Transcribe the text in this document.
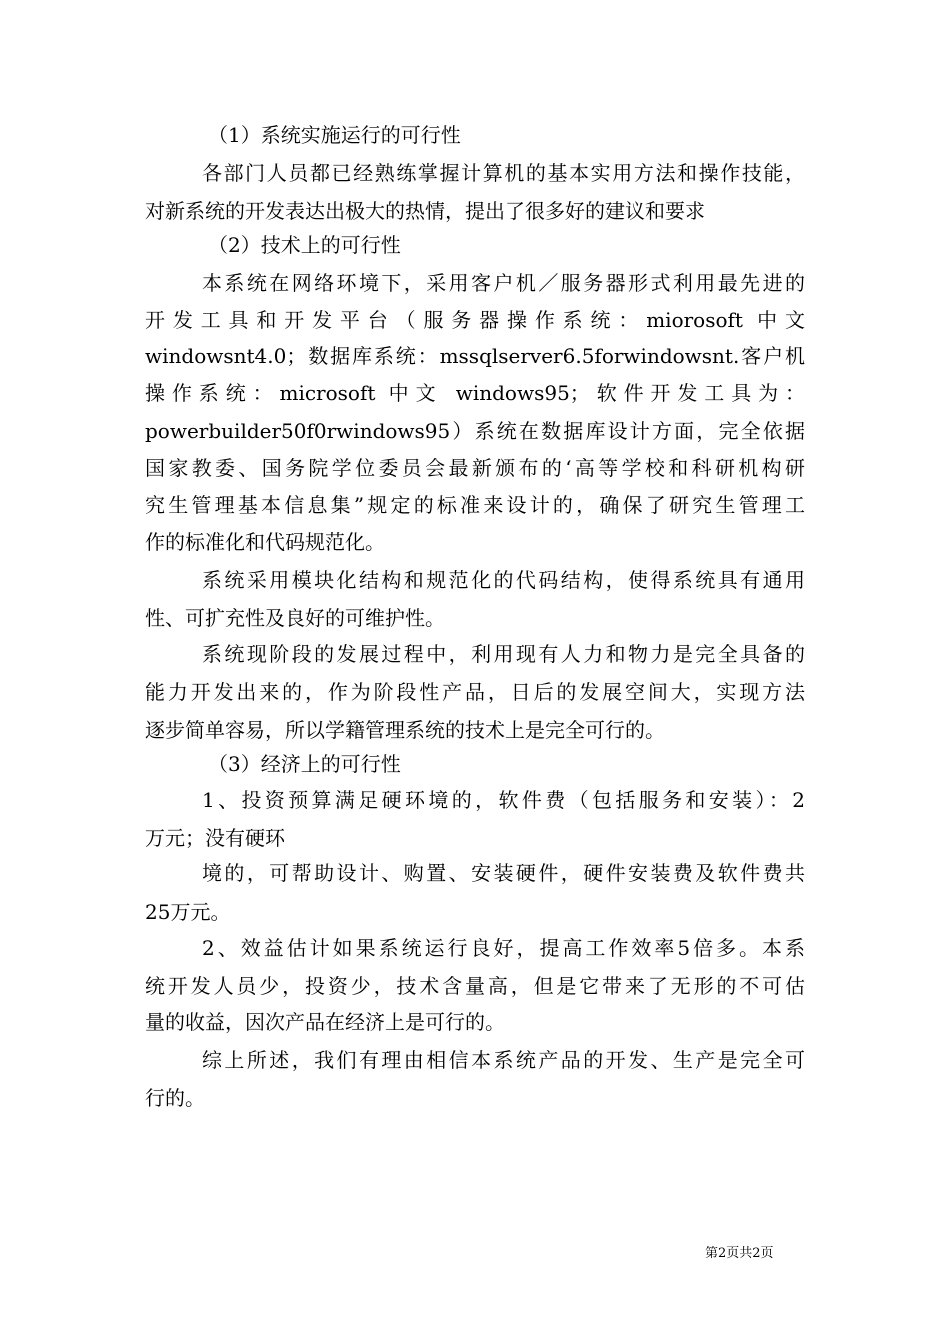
（1）系统实施运行的可行性
各部门人员都已经熟练掌握计算机的基本实用方法和操作技能，
对新系统的开发表达出极大的热情，提出了很多好的建议和要求
（2）技术上的可行性
本系统在网络环境下，采用客户机／服务器形式利用最先进的
开发工具和开发平台（服务器操作系统：miorosoft 中文
windowsnt4.0；数据库系统：mssqlserver6.5forwindowsnt.客户机
操作系统：microsoft 中文 windows95；软件开发工具为：
powerbuilder50f0rwindows95）系统在数据库设计方面，完全依据
国家教委、国务院学位委员会最新颁布的‘高等学校和科研机构研
究生管理基本信息集”规定的标准来设计的，确保了研究生管理工
作的标准化和代码规范化。
系统采用模块化结构和规范化的代码结构，使得系统具有通用
性、可扩充性及良好的可维护性。
系统现阶段的发展过程中，利用现有人力和物力是完全具备的
能力开发出来的，作为阶段性产品，日后的发展空间大，实现方法
逐步简单容易，所以学籍管理系统的技术上是完全可行的。
（3）经济上的可行性
1、投资预算满足硬环境的，软件费（包括服务和安装）：2
万元；没有硬环
境的，可帮助设计、购置、安装硬件，硬件安装费及软件费共
25万元。
2、效益估计如果系统运行良好，提高工作效率5倍多。本系
统开发人员少，投资少，技术含量高，但是它带来了无形的不可估
量的收益，因次产品在经济上是可行的。
综上所述，我们有理由相信本系统产品的开发、生产是完全可
行的。
第2页共2页
